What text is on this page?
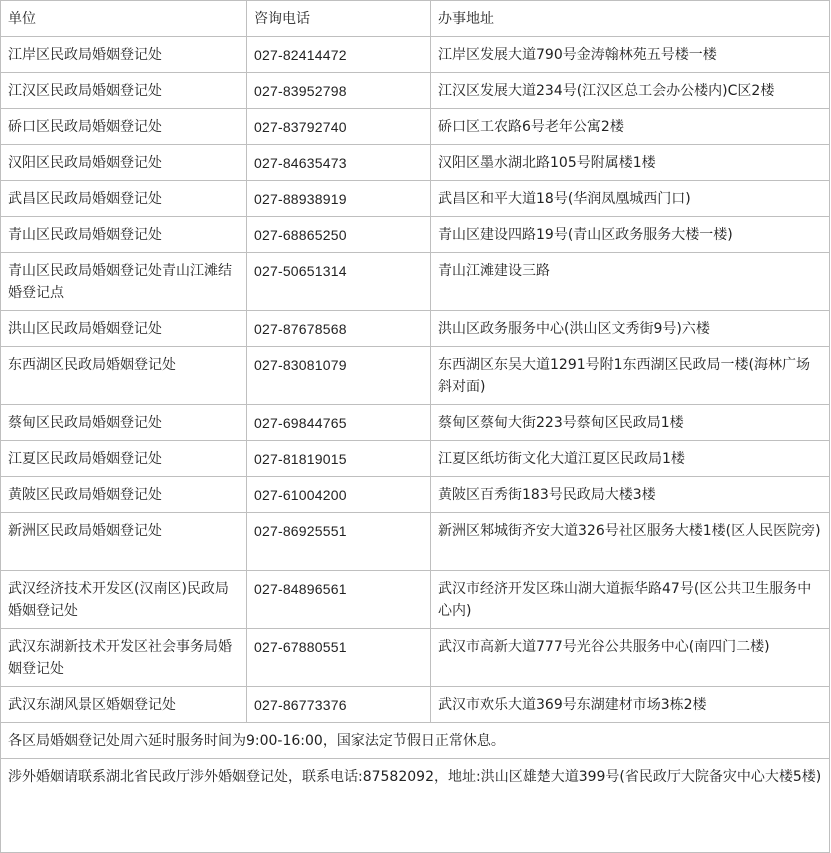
单位	咨询电话	办事地址
江岸区民政局婚姻登记处	027-82414472	江岸区发展大道790号金涛翰林苑五号楼一楼
江汉区民政局婚姻登记处	027-83952798	江汉区发展大道234号(江汉区总工会办公楼内)C区2楼
硚口区民政局婚姻登记处	027-83792740	硚口区工农路6号老年公寓2楼
汉阳区民政局婚姻登记处	027-84635473	汉阳区墨水湖北路105号附属楼1楼
武昌区民政局婚姻登记处	027-88938919	武昌区和平大道18号(华润凤凰城西门口)
青山区民政局婚姻登记处	027-68865250	青山区建设四路19号(青山区政务服务大楼一楼)
青山区民政局婚姻登记处青山江滩结婚登记点	027-50651314	青山江滩建设三路
洪山区民政局婚姻登记处	027-87678568	洪山区政务服务中心(洪山区文秀街9号)六楼
东西湖区民政局婚姻登记处	027-83081079	东西湖区东吴大道1291号附1东西湖区民政局一楼(海林广场斜对面)
蔡甸区民政局婚姻登记处	027-69844765	蔡甸区蔡甸大街223号蔡甸区民政局1楼
江夏区民政局婚姻登记处	027-81819015	江夏区纸坊街文化大道江夏区民政局1楼
黄陂区民政局婚姻登记处	027-61004200	黄陂区百秀街183号民政局大楼3楼
新洲区民政局婚姻登记处	027-86925551	新洲区邾城街齐安大道326号社区服务大楼1楼(区人民医院旁)
武汉经济技术开发区(汉南区)民政局婚姻登记处	027-84896561	武汉市经济开发区珠山湖大道振华路47号(区公共卫生服务中心内)
武汉东湖新技术开发区社会事务局婚姻登记处	027-67880551	武汉市高新大道777号光谷公共服务中心(南四门二楼)
武汉东湖风景区婚姻登记处	027-86773376	武汉市欢乐大道369号东湖建材市场3栋2楼
各区局婚姻登记处周六延时服务时间为9:00-16:00，国家法定节假日正常休息。		
涉外婚姻请联系湖北省民政厅涉外婚姻登记处，联系电话:87582092，地址:洪山区雄楚大道399号(省民政厅大院备灾中心大楼5楼)		
